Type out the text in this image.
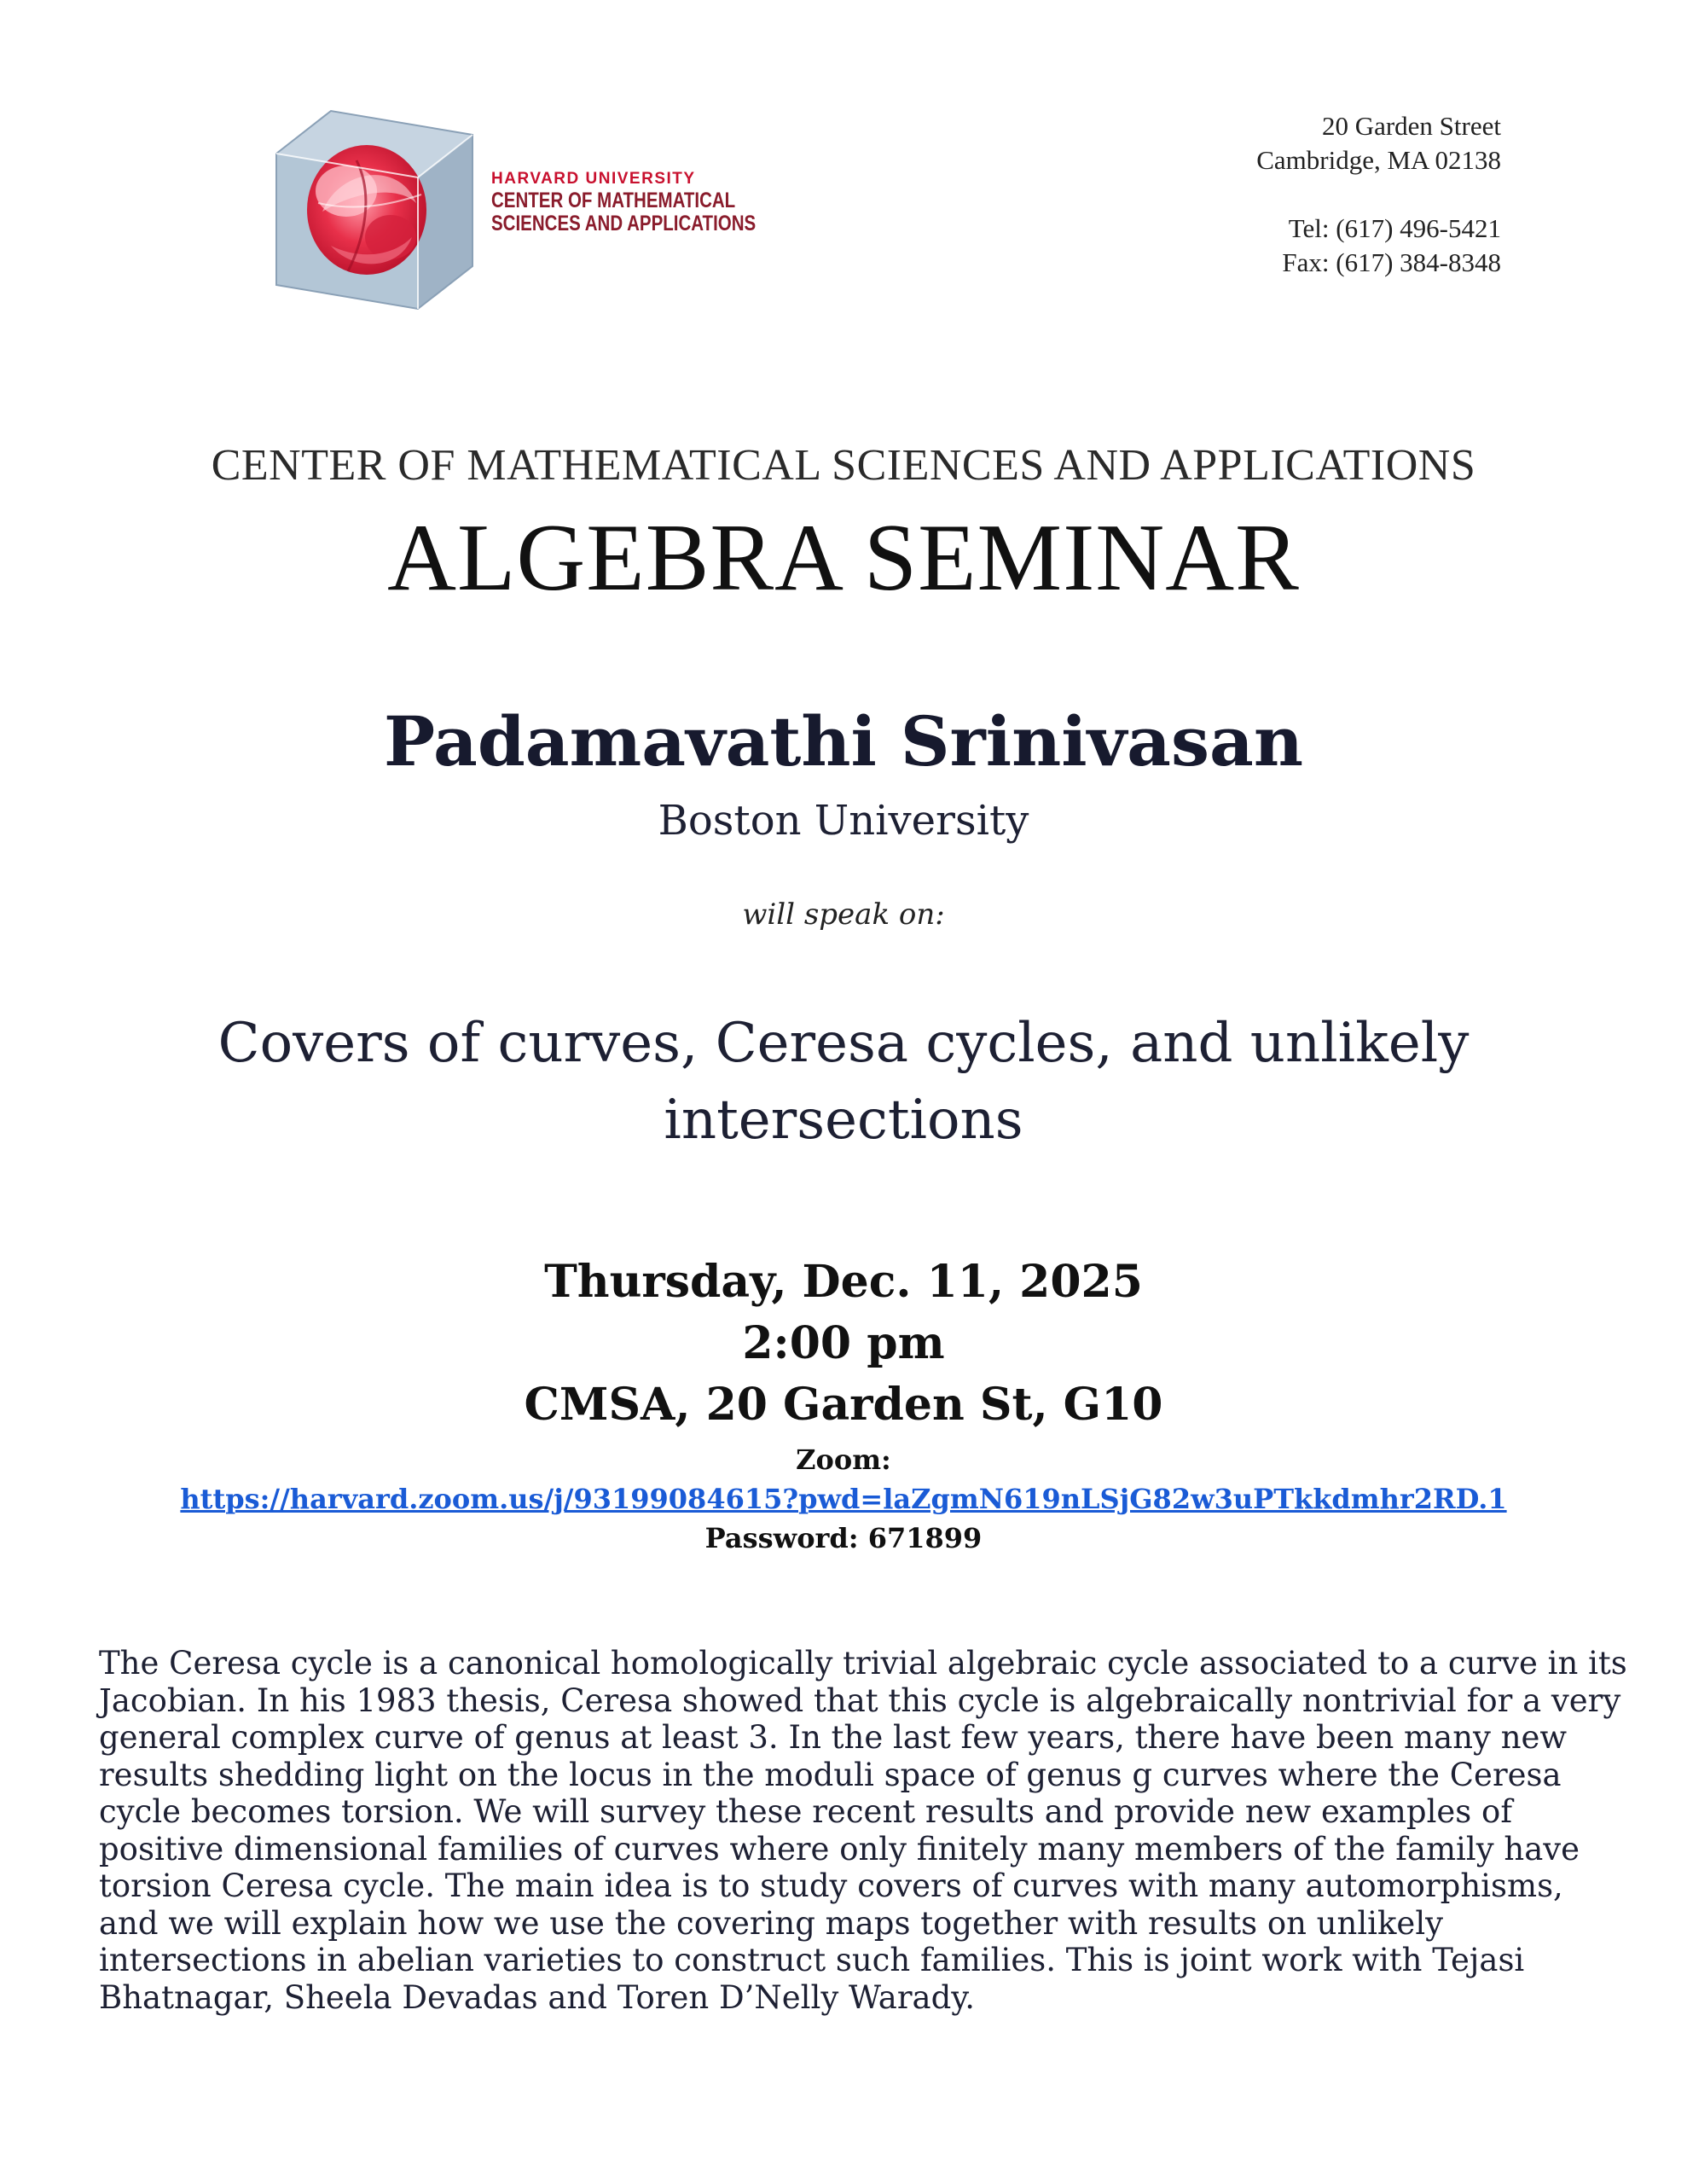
HARVARD UNIVERSITY
CENTER OF MATHEMATICAL
SCIENCES AND APPLICATIONS
20 Garden Street
Cambridge, MA 02138
Tel: (617) 496-5421
Fax: (617) 384-8348
CENTER OF MATHEMATICAL SCIENCES AND APPLICATIONS
ALGEBRA SEMINAR
Padamavathi Srinivasan
Boston University
will speak on:
Covers of curves, Ceresa cycles, and unlikely intersections
Thursday, Dec. 11, 2025
2:00 pm
CMSA, 20 Garden St, G10
Zoom:
https://harvard.zoom.us/j/93199084615?pwd=laZgmN619nLSjG82w3uPTkkdmhr2RD.1
Password: 671899
The Ceresa cycle is a canonical homologically trivial algebraic cycle associated to a curve in its
Jacobian. In his 1983 thesis, Ceresa showed that this cycle is algebraically nontrivial for a very
general complex curve of genus at least 3. In the last few years, there have been many new
results shedding light on the locus in the moduli space of genus g curves where the Ceresa
cycle becomes torsion. We will survey these recent results and provide new examples of
positive dimensional families of curves where only finitely many members of the family have
torsion Ceresa cycle. The main idea is to study covers of curves with many automorphisms,
and we will explain how we use the covering maps together with results on unlikely
intersections in abelian varieties to construct such families. This is joint work with Tejasi
Bhatnagar, Sheela Devadas and Toren D’Nelly Warady.
